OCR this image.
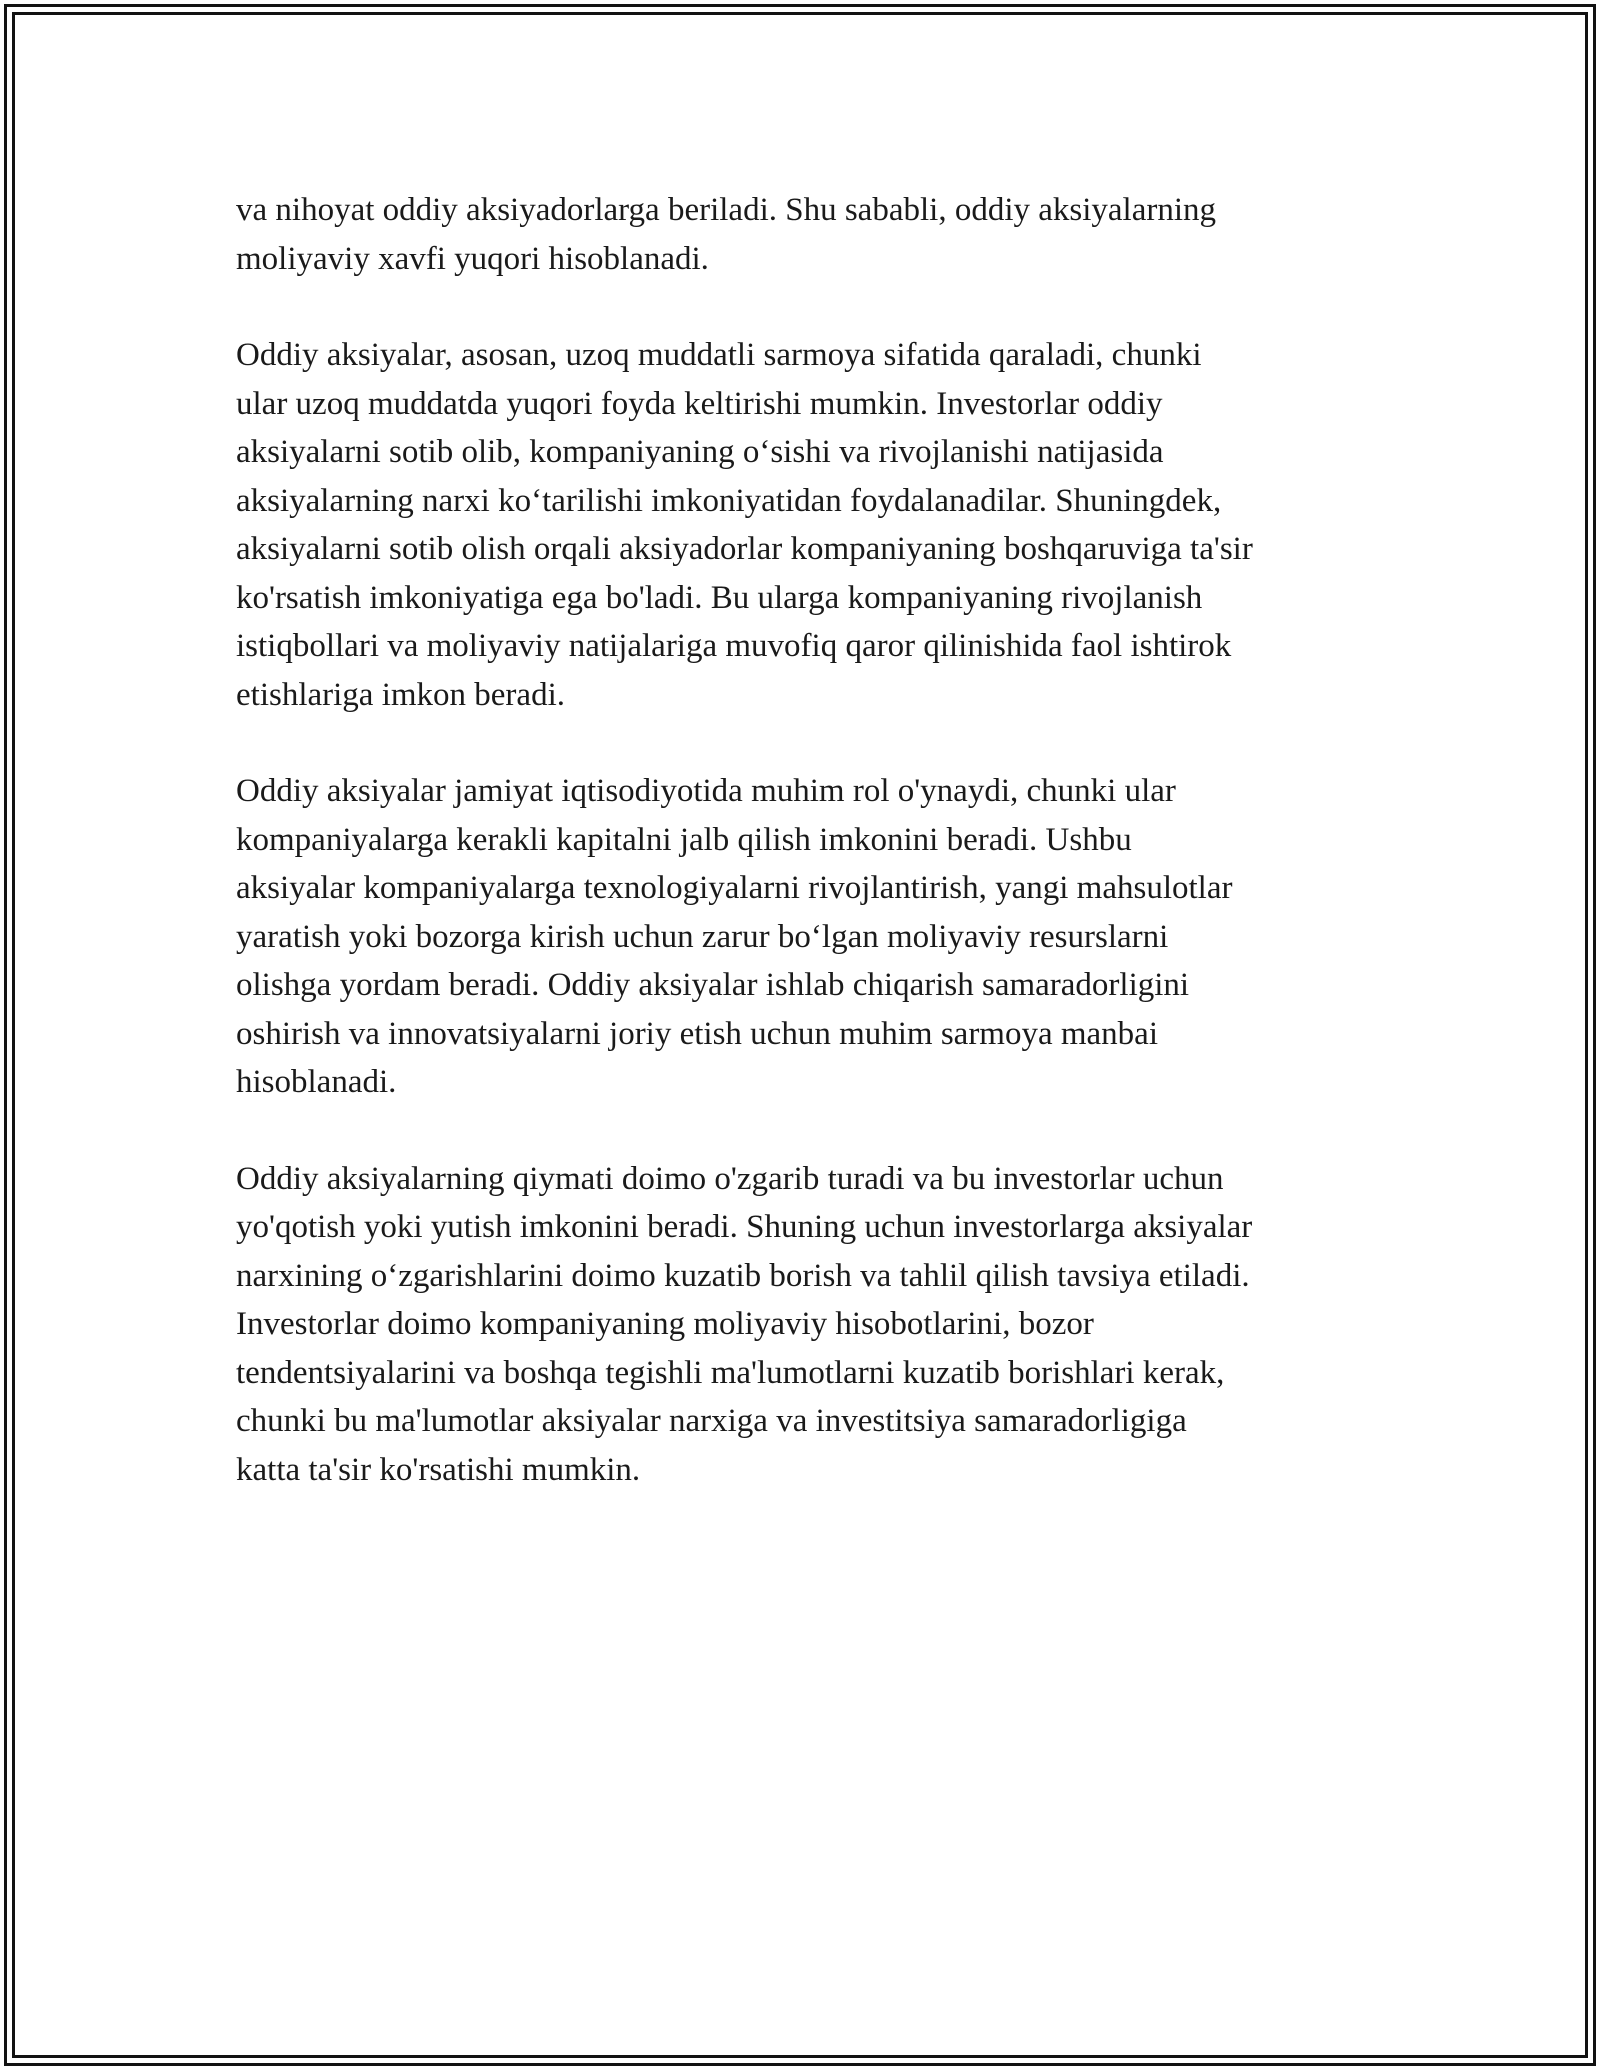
va nihoyat oddiy aksiyadorlarga beriladi. Shu sababli, oddiy aksiyalarning
moliyaviy xavfi yuqori hisoblanadi.

Oddiy aksiyalar, asosan, uzoq muddatli sarmoya sifatida qaraladi, chunki
ular uzoq muddatda yuqori foyda keltirishi mumkin. Investorlar oddiy
aksiyalarni sotib olib, kompaniyaning o‘sishi va rivojlanishi natijasida
aksiyalarning narxi ko‘tarilishi imkoniyatidan foydalanadilar. Shuningdek,
aksiyalarni sotib olish orqali aksiyadorlar kompaniyaning boshqaruviga ta'sir
ko'rsatish imkoniyatiga ega bo'ladi. Bu ularga kompaniyaning rivojlanish
istiqbollari va moliyaviy natijalariga muvofiq qaror qilinishida faol ishtirok
etishlariga imkon beradi.

Oddiy aksiyalar jamiyat iqtisodiyotida muhim rol o'ynaydi, chunki ular
kompaniyalarga kerakli kapitalni jalb qilish imkonini beradi. Ushbu
aksiyalar kompaniyalarga texnologiyalarni rivojlantirish, yangi mahsulotlar
yaratish yoki bozorga kirish uchun zarur bo‘lgan moliyaviy resurslarni
olishga yordam beradi. Oddiy aksiyalar ishlab chiqarish samaradorligini
oshirish va innovatsiyalarni joriy etish uchun muhim sarmoya manbai
hisoblanadi.

Oddiy aksiyalarning qiymati doimo o'zgarib turadi va bu investorlar uchun
yo'qotish yoki yutish imkonini beradi. Shuning uchun investorlarga aksiyalar
narxining o‘zgarishlarini doimo kuzatib borish va tahlil qilish tavsiya etiladi.
Investorlar doimo kompaniyaning moliyaviy hisobotlarini, bozor
tendentsiyalarini va boshqa tegishli ma'lumotlarni kuzatib borishlari kerak,
chunki bu ma'lumotlar aksiyalar narxiga va investitsiya samaradorligiga
katta ta'sir ko'rsatishi mumkin.
